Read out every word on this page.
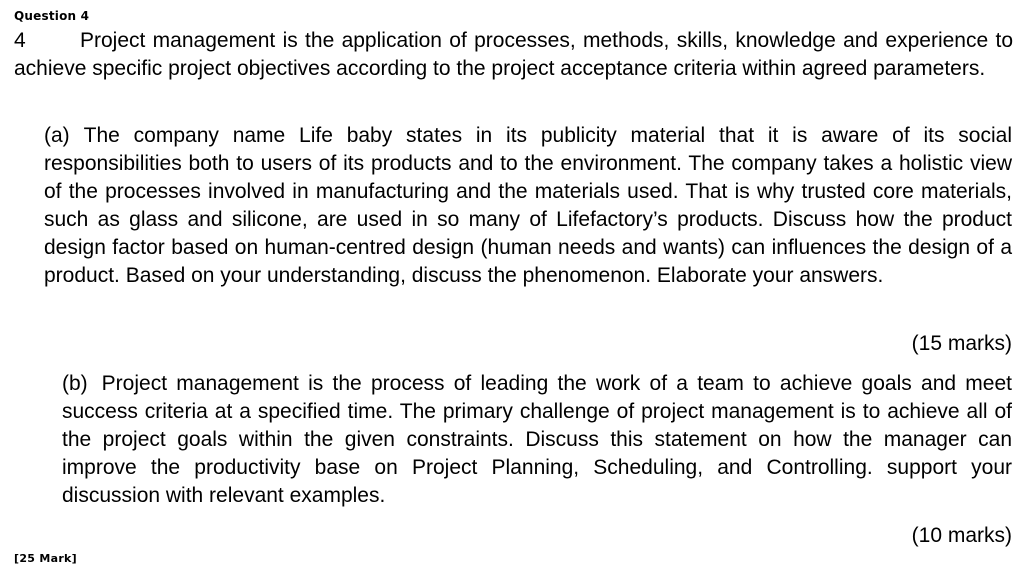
Question 4
4	Project management is the application of processes, methods, skills, knowledge and experience to achieve specific project objectives according to the project acceptance criteria within agreed parameters.
(a) The company name Life baby states in its publicity material that it is aware of its social responsibilities both to users of its products and to the environment. The company takes a holistic view of the processes involved in manufacturing and the materials used. That is why trusted core materials, such as glass and silicone, are used in so many of Lifefactory’s products. Discuss how the product design factor based on human-centred design (human needs and wants) can influences the design of a product. Based on your understanding, discuss the phenomenon. Elaborate your answers.
(15 marks)
(b) Project management is the process of leading the work of a team to achieve goals and meet success criteria at a specified time. The primary challenge of project management is to achieve all of the project goals within the given constraints. Discuss this statement on how the manager can improve the productivity base on Project Planning, Scheduling, and Controlling. support your discussion with relevant examples.
(10 marks)
[25 Mark]
